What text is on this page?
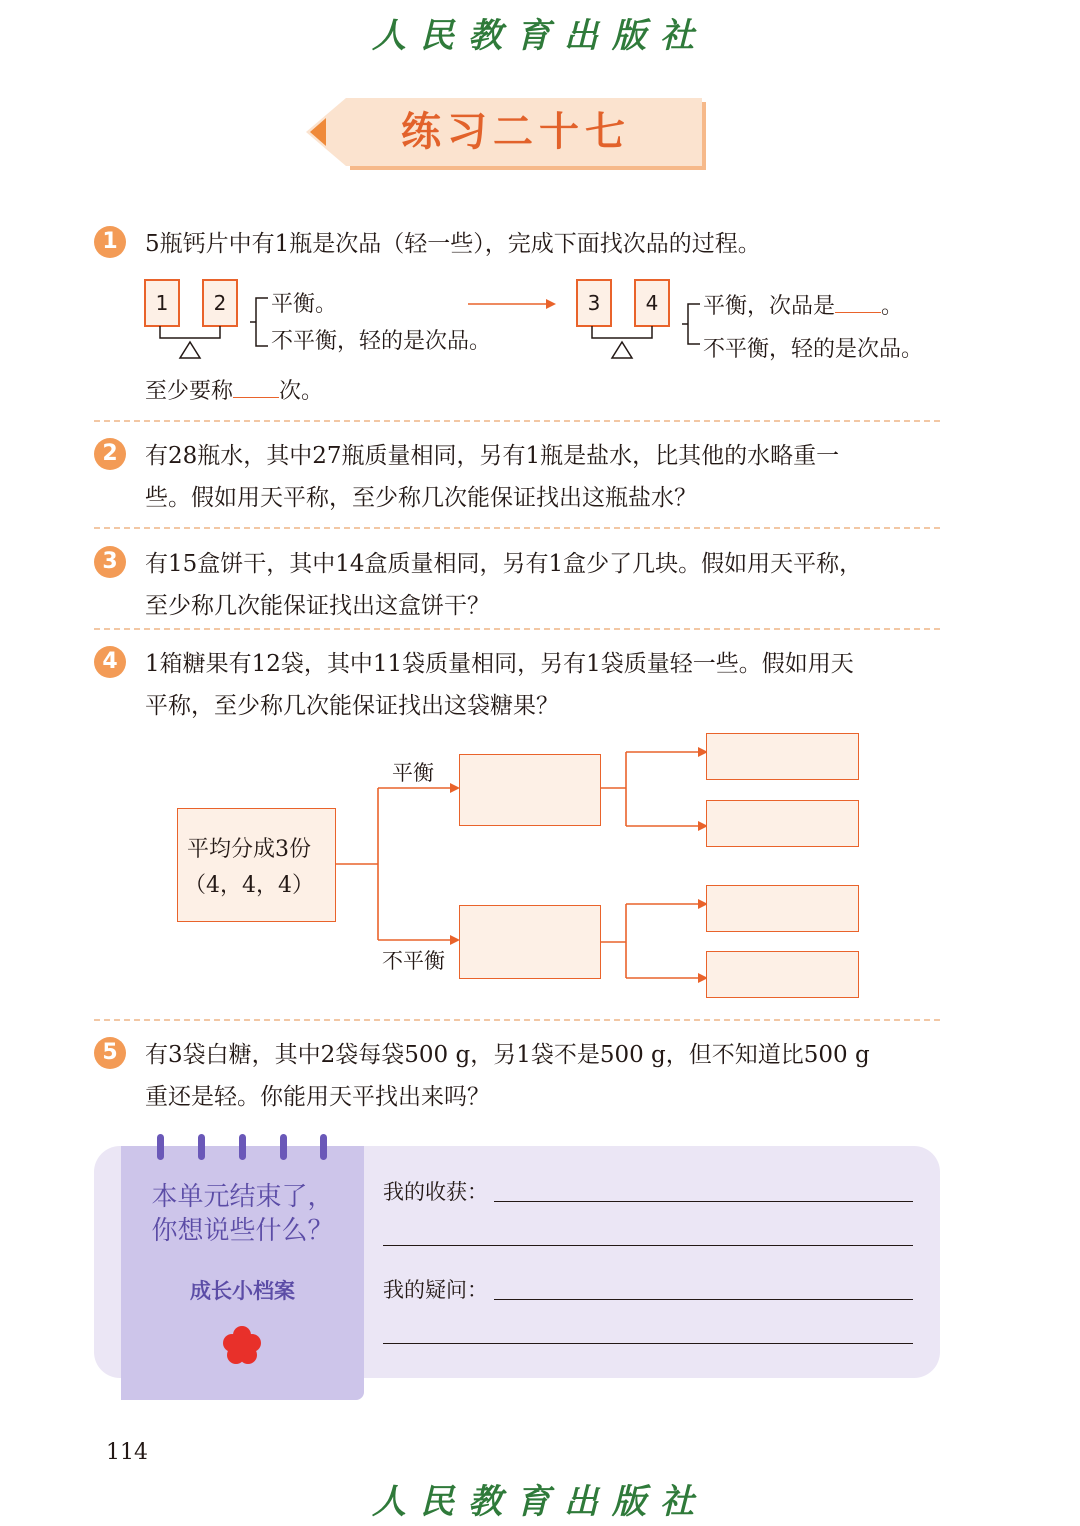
人民教育出版社
练习二十七
1	5瓶钙片中有1瓶是次品（轻一些），完成下面找次品的过程。
1	2	平衡。
不平衡，轻的是次品。
3	4	平衡，次品是 。
不平衡，轻的是次品。
至少要称 次。
2	有28瓶水，其中27瓶质量相同，另有1瓶是盐水，比其他的水略重一
些。假如用天平称，至少称几次能保证找出这瓶盐水？
3	有15盒饼干，其中14盒质量相同，另有1盒少了几块。假如用天平称，
至少称几次能保证找出这盒饼干？
4	1箱糖果有12袋，其中11袋质量相同，另有1袋质量轻一些。假如用天
平称，至少称几次能保证找出这袋糖果？
平均分成3份
（4，4，4）
平衡
不平衡
5	有3袋白糖，其中2袋每袋500 g，另1袋不是500 g，但不知道比500 g
重还是轻。你能用天平找出来吗？
本单元结束了，
你想说些什么？
成长小档案
我的收获：
我的疑问：
114
人民教育出版社
